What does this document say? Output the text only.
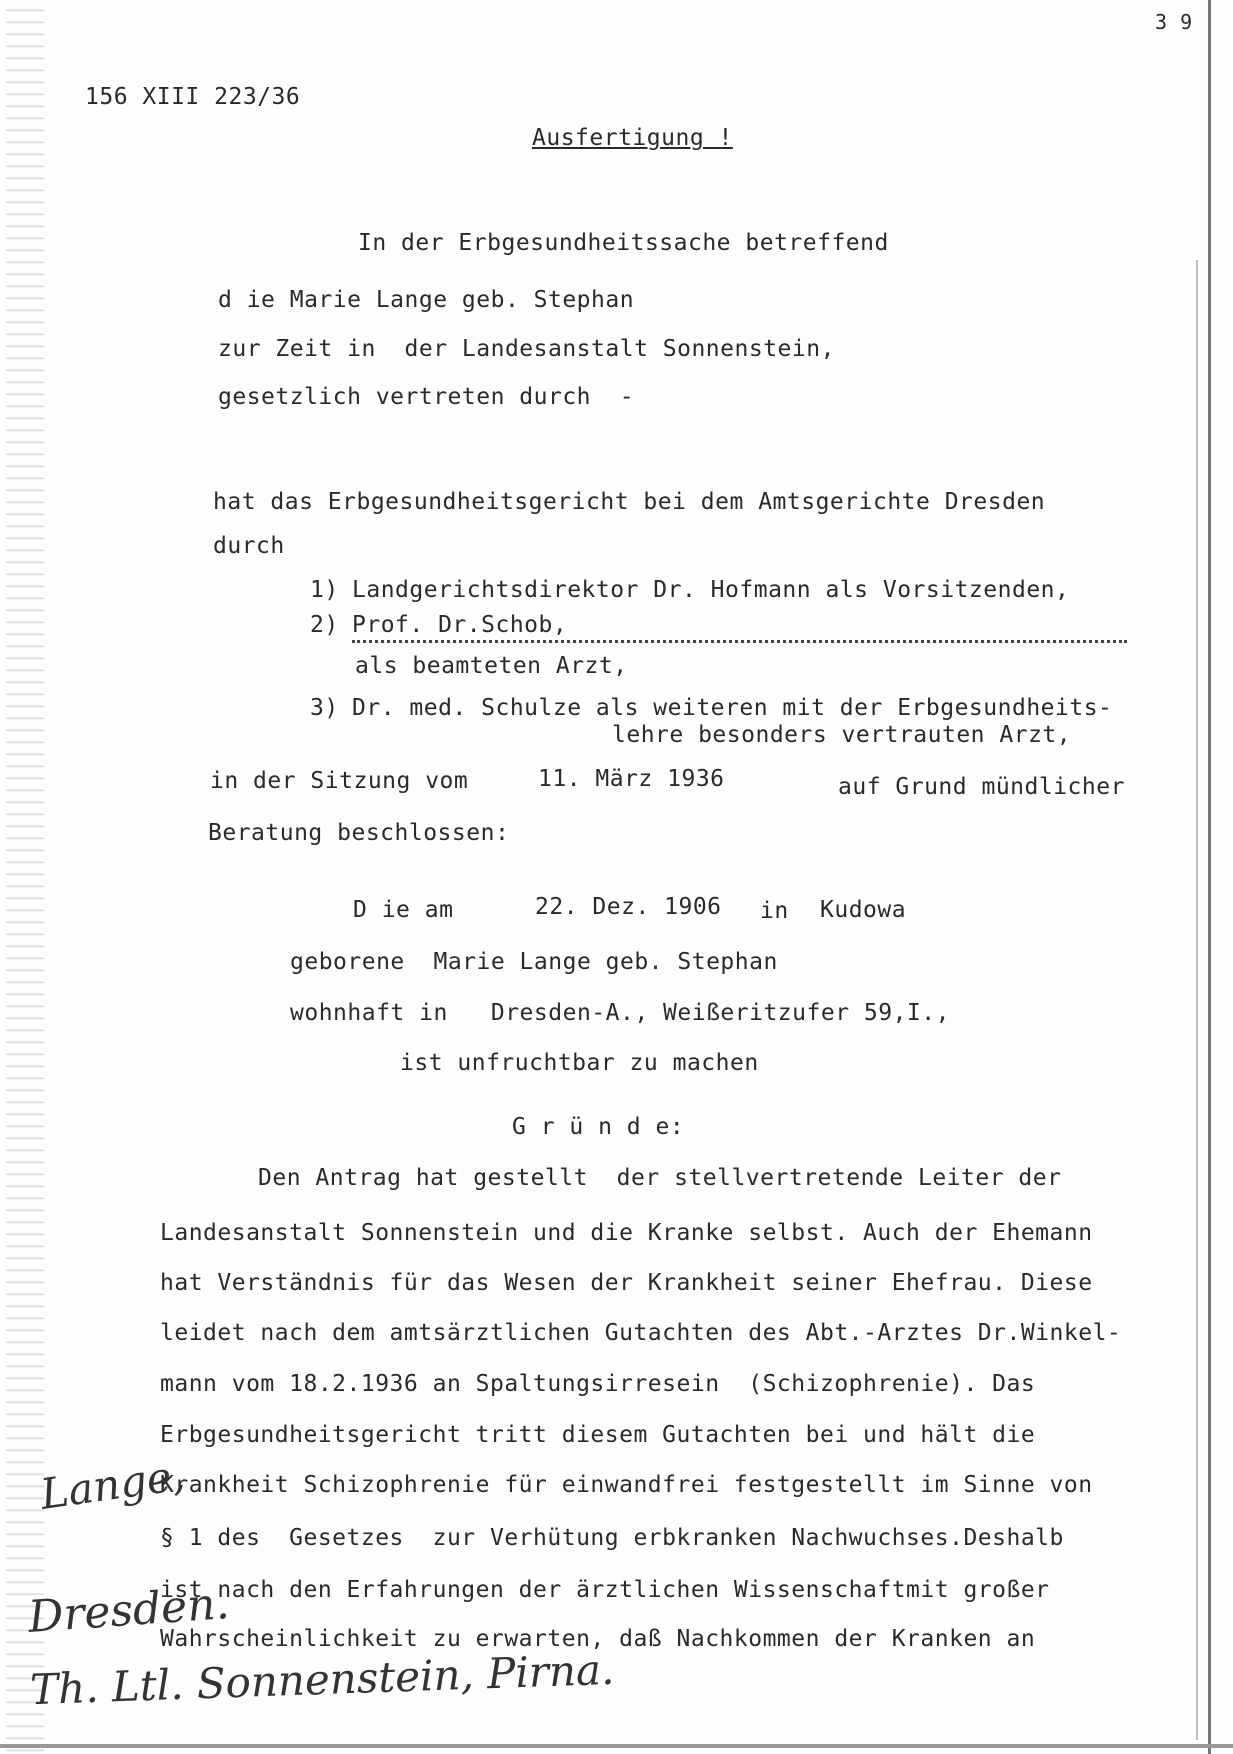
3 9
156 XIII 223/36
Ausfertigung !
In der Erbgesundheitssache betreffend
d ie Marie Lange geb. Stephan
zur Zeit in  der Landesanstalt Sonnenstein,
gesetzlich vertreten durch  -
hat das Erbgesundheitsgericht bei dem Amtsgerichte Dresden
durch
1) Landgerichtsdirektor Dr. Hofmann als Vorsitzenden,
2) Prof. Dr.Schob,
als beamteten Arzt,
3) Dr. med. Schulze als weiteren mit der Erbgesundheits-
lehre besonders vertrauten Arzt,
in der Sitzung vom	11. März 1936	auf Grund mündlicher
Beratung beschlossen:
D ie am	22. Dez. 1906 in Kudowa
geborene  Marie Lange geb. Stephan
wohnhaft in   Dresden-A., Weißeritzufer 59,I.,
ist unfruchtbar zu machen
G r ü n d e:
Den Antrag hat gestellt  der stellvertretende Leiter der
Landesanstalt Sonnenstein und die Kranke selbst. Auch der Ehemann
hat Verständnis für das Wesen der Krankheit seiner Ehefrau. Diese
leidet nach dem amtsärztlichen Gutachten des Abt.-Arztes Dr.Winkel-
mann vom 18.2.1936 an Spaltungsirresein  (Schizophrenie). Das
Erbgesundheitsgericht tritt diesem Gutachten bei und hält die
Krankheit Schizophrenie für einwandfrei festgestellt im Sinne von
§ 1 des  Gesetzes  zur Verhütung erbkranken Nachwuchses.Deshalb
ist nach den Erfahrungen der ärztlichen Wissenschaftmit großer
Wahrscheinlichkeit zu erwarten, daß Nachkommen der Kranken an
Lange,
Dresden.
Th. Ltl. Sonnenstein, Pirna.
